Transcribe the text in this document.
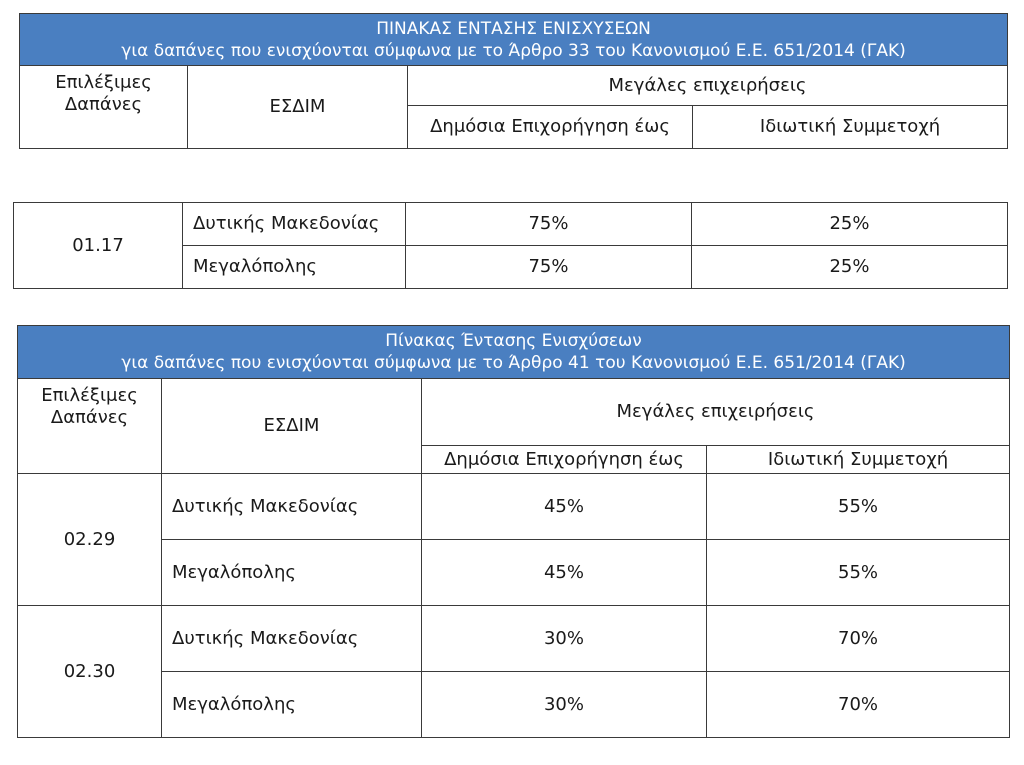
ΠΙΝΑΚΑΣ ΕΝΤΑΣΗΣ ΕΝΙΣΧΥΣΕΩΝ
για δαπάνες που ενισχύονται σύμφωνα με το Άρθρο 33 του Κανονισμού Ε.Ε. 651/2014 (ΓΑΚ)			

Επιλέξιμες Δαπάνες	ΕΣΔΙΜ	Μεγάλες επιχειρήσεις	
		Δημόσια Επιχορήγηση έως	Ιδιωτική Συμμετοχή
01.17	Δυτικής Μακεδονίας	75%	25%
	Μεγαλόπολης	75%	25%
Πίνακας Έντασης Ενισχύσεων
για δαπάνες που ενισχύονται σύμφωνα με το Άρθρο 41 του Κανονισμού Ε.Ε. 651/2014 (ΓΑΚ)			

Επιλέξιμες Δαπάνες	ΕΣΔΙΜ	Μεγάλες επιχειρήσεις	
		Δημόσια Επιχορήγηση έως	Ιδιωτική Συμμετοχή
02.29	Δυτικής Μακεδονίας	45%	55%
	Μεγαλόπολης	45%	55%
02.30	Δυτικής Μακεδονίας	30%	70%
	Μεγαλόπολης	30%	70%
